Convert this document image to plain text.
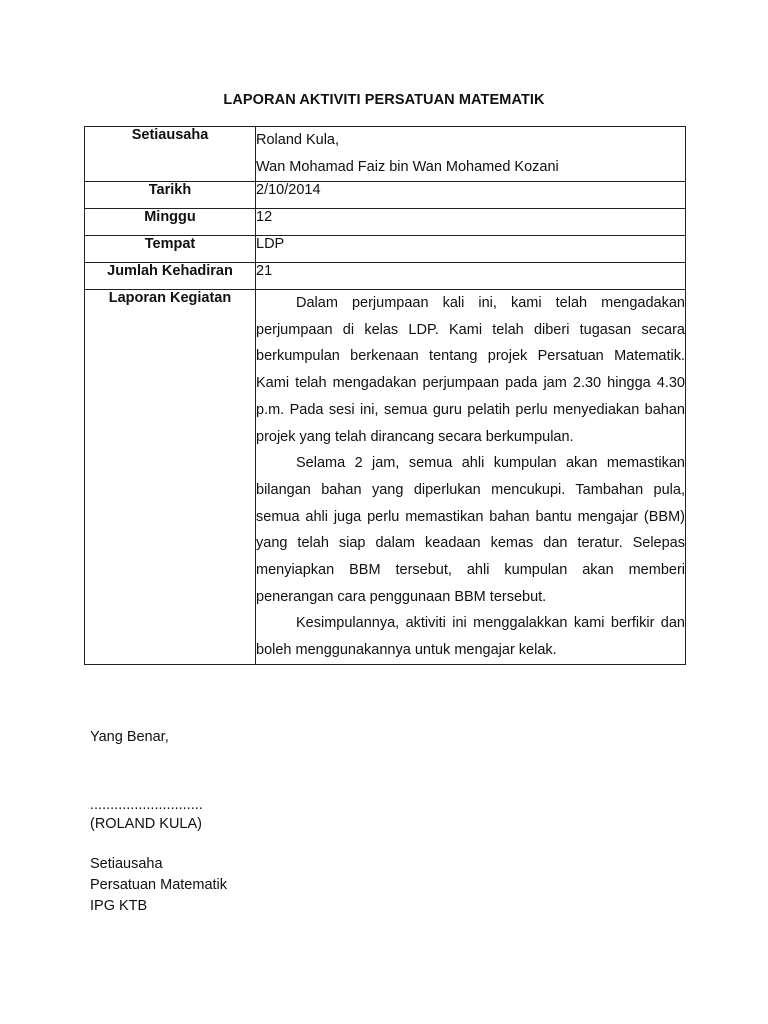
LAPORAN AKTIVITI PERSATUAN MATEMATIK
Setiausaha	Roland Kula,
Wan Mohamad Faiz bin Wan Mohamed Kozani

Tarikh	2/10/2014
Minggu	12
Tempat	LDP
Jumlah Kehadiran	21
Laporan Kegiatan	Dalam perjumpaan kali ini, kami telah mengadakan perjumpaan di kelas LDP. Kami telah diberi tugasan secara berkumpulan berkenaan tentang projek Persatuan Matematik. Kami telah mengadakan perjumpaan pada jam 2.30 hingga 4.30 p.m. Pada sesi ini, semua guru pelatih perlu menyediakan bahan projek yang telah dirancang secara berkumpulan.

Selama 2 jam, semua ahli kumpulan akan memastikan bilangan bahan yang diperlukan mencukupi. Tambahan pula, semua ahli juga perlu memastikan bahan bantu mengajar (BBM) yang telah siap dalam keadaan kemas dan teratur. Selepas menyiapkan BBM tersebut, ahli kumpulan akan memberi penerangan cara penggunaan BBM tersebut.

Kesimpulannya, aktiviti ini menggalakkan kami berfikir dan boleh menggunakannya untuk mengajar kelak.

Yang Benar,
............................
(ROLAND KULA)
Setiausaha
Persatuan Matematik
IPG KTB
